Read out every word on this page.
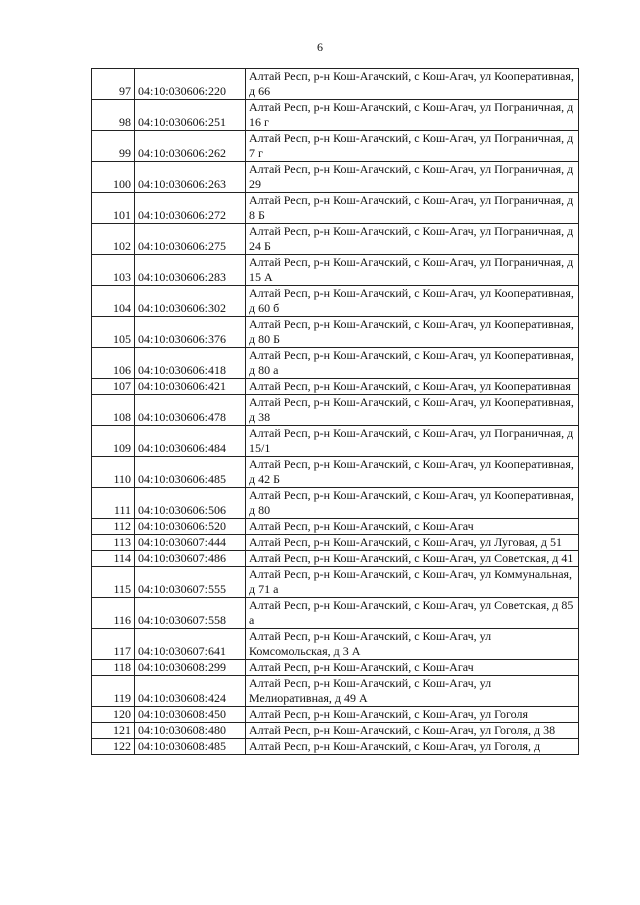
6
97	04:10:030606:220	Алтай Респ, р-н Кош-Агачский, с Кош-Агач, ул Кооперативная, д 66
98	04:10:030606:251	Алтай Респ, р-н Кош-Агачский, с Кош-Агач, ул Пограничная, д 16 г
99	04:10:030606:262	Алтай Респ, р-н Кош-Агачский, с Кош-Агач, ул Пограничная, д 7 г
100	04:10:030606:263	Алтай Респ, р-н Кош-Агачский, с Кош-Агач, ул Пограничная, д 29
101	04:10:030606:272	Алтай Респ, р-н Кош-Агачский, с Кош-Агач, ул Пограничная, д 8 Б
102	04:10:030606:275	Алтай Респ, р-н Кош-Агачский, с Кош-Агач, ул Пограничная, д 24 Б
103	04:10:030606:283	Алтай Респ, р-н Кош-Агачский, с Кош-Агач, ул Пограничная, д 15 А
104	04:10:030606:302	Алтай Респ, р-н Кош-Агачский, с Кош-Агач, ул Кооперативная, д 60 б
105	04:10:030606:376	Алтай Респ, р-н Кош-Агачский, с Кош-Агач, ул Кооперативная, д 80 Б
106	04:10:030606:418	Алтай Респ, р-н Кош-Агачский, с Кош-Агач, ул Кооперативная, д 80 а
107	04:10:030606:421	Алтай Респ, р-н Кош-Агачский, с Кош-Агач, ул Кооперативная
108	04:10:030606:478	Алтай Респ, р-н Кош-Агачский, с Кош-Агач, ул Кооперативная, д 38
109	04:10:030606:484	Алтай Респ, р-н Кош-Агачский, с Кош-Агач, ул Пограничная, д 15/1
110	04:10:030606:485	Алтай Респ, р-н Кош-Агачский, с Кош-Агач, ул Кооперативная, д 42 Б
111	04:10:030606:506	Алтай Респ, р-н Кош-Агачский, с Кош-Агач, ул Кооперативная, д 80
112	04:10:030606:520	Алтай Респ, р-н Кош-Агачский, с Кош-Агач
113	04:10:030607:444	Алтай Респ, р-н Кош-Агачский, с Кош-Агач, ул Луговая, д 51
114	04:10:030607:486	Алтай Респ, р-н Кош-Агачский, с Кош-Агач, ул Советская, д 41
115	04:10:030607:555	Алтай Респ, р-н Кош-Агачский, с Кош-Агач, ул Коммунальная, д 71 а
116	04:10:030607:558	Алтай Респ, р-н Кош-Агачский, с Кош-Агач, ул Советская, д 85 а
117	04:10:030607:641	Алтай Респ, р-н Кош-Агачский, с Кош-Агач, ул Комсомольская, д 3 А
118	04:10:030608:299	Алтай Респ, р-н Кош-Агачский, с Кош-Агач
119	04:10:030608:424	Алтай Респ, р-н Кош-Агачский, с Кош-Агач, ул Мелиоративная, д 49 А
120	04:10:030608:450	Алтай Респ, р-н Кош-Агачский, с Кош-Агач, ул Гоголя
121	04:10:030608:480	Алтай Респ, р-н Кош-Агачский, с Кош-Агач, ул Гоголя, д 38
122	04:10:030608:485	Алтай Респ, р-н Кош-Агачский, с Кош-Агач, ул Гоголя, д
